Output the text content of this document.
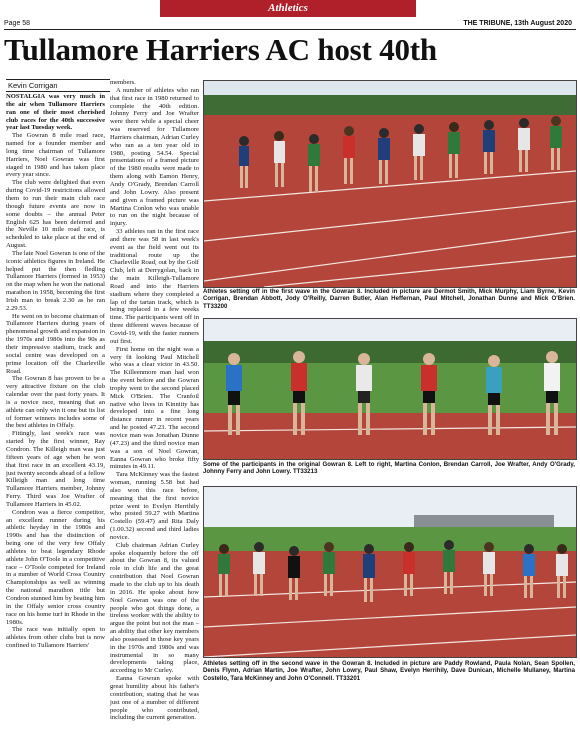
Athletics
Page 58	THE TRIBUNE, 13th August 2020
Tullamore Harriers AC host 40th
Kevin Corrigan

NOSTALGIA was very much in the air when Tullamore Harriers ran one of their most cherished club races for the 40th successive year last Tuesday week.

The Gowran 8 mile road race, named for a founder member and long time chairman of Tullamore Harriers, Noel Gowran was first staged in 1980 and has taken place every year since.

The club were delighted that even during Covid-19 restrictions allowed them to run their main club race though future events are now in some doubts – the annual Peter English 625 has been deferred and the Neville 10 mile road race, is scheduled to take place at the end of August.

The late Noel Gowran is one of the iconic athletics figures in Ireland. He helped put the then fledling Tullamore Harriers (formed in 1953) on the map when he won the national marathon in 1958, becoming the first Irish man to break 2.30 as he ran 2.29.53.

He went on to become chairman of Tullamore Harriers during years of phenomenal growth and expansion in the 1970s and 1980s into the 90s as their impressive stadium, track and social centre was developed on a prime location off the Charleville Road.

The Gowran 8 has proven to be a very attractive fixture on the club calendar over the past forty years. It is a novice race, meaning that an athlete can only win it one but its list of former winners includes some of the best athletes in Offaly.

Fittingly, last week's race was started by the first winner, Ray Condron. The Killeigh man was just fifteen years of age when he won that first race in an excellent 43.19, just twenty seconds ahead of a fellow Killeigh man and long time Tullamore Harriers member, Johnny Ferry. Third was Joe Wrafter of Tullamore Harriers in 45.02.

Condron was a fierce competitor, an excellent runner during his athletic heyday in the 1980s and 1990s and has the distinction of being one of the very few Offaly athletes to beat legendary Rhode athlete John O'Toole in a competitive race – O'Toole competed for Ireland in a number of World Cross Country Championships as well as winning the national marathon title but Condron stunned him by beating him in the Offaly senior cross country race on his home turf in Rhode in the 1980s.

The race was initially open to athletes from other clubs but is now confined to Tullamore Harriers'

members.

A number of athletes who ran that first race in 1980 returned to complete the 40th edition. Johnny Ferry and Joe Wrafter were there while a special cheer was reserved for Tullamore Harriers chairman, Adrian Curley who ran as a ten year old in 1980, posting 54.54. Special presentations of a framed picture of the 1980 results were made to them along with Eamon Henry, Andy O'Grady, Brendan Carroll and John Lowry. Also present and given a framed picture was Martina Conlon who was unable to run on the night because of injury.

33 athletes ran in the first race and there was 58 in last week's event as the field went out its traditional route up the Charleville Road, out by the Golf Club, left at Derrygolan, back in the main Killeigh-Tullamore Road and into the Harriers stadium where they completed a lap of the tartan track, which is being replaced in a few weeks time. The participants went off in three different waves because of Covid-19, with the faster runners out first.

First home on the night was a very fit looking Paul Mitchell who was a clear victor in 43.50. The Killeenmore man had won the event before and the Gowran trophy went to the second placed Mick O'Brien. The Cranfoil native who lives in Kinnitty has developed into a fine long distance runner in recent years and he posted 47.23. The second novice man was Jonathan Dunne (47.23) and the third novice man was a son of Noel Gowran, Eanna Gowran who broke fifty minutes in 49.11.

Tara McKinney was the fastest woman, running 5.58 but had also won this race before, meaning that the first novice prize went to Evelyn Herrihily who posted 59.27 with Martina Costello (59.47) and Rita Daly (1.00.32) second and third ladies novice.

Club chairman Adrian Curley spoke eloquently before the off about the Gowran 8, its valued role in club life and the great contribution that Noel Gowran made to the club up to his death in 2016. He spoke about how Noel Gowran was one of the people who got things done, a tireless worker with the ability to argue the point but not the man – an ability that other key members also possessed in those key years in the 1970s and 1980s and was instrumental in so many developments taking place, according to Mr Curley.

Eanna Gowran spoke with great humility about his father's contribution, stating that he was just one of a number of different people who contributed, including the current generation.

Athletes setting off in the first wave in the Gowran 8. Included in picture are Dermot Smith, Mick Murphy, Liam Byrne, Kevin Corrigan, Brendan Abbott, Jody O'Reilly, Darren Butler, Alan Heffernan, Paul Mitchell, Jonathan Dunne and Mick O'Brien. TT33200
Some of the participants in the original Gowran 8. Left to right, Martina Conlon, Brendan Carroll, Joe Wrafter, Andy O'Grady, Johnny Ferry and John Lowry. TT33213
Athletes setting off in the second wave in the Gowran 8. Included in picture are Paddy Rowland, Paula Nolan, Sean Spollen, Denis Flynn, Adrian Martin, Joe Wrafter, John Lowry, Paul Shaw, Evelyn Herrihily, Dave Dunican, Michelle Mullaney, Martina Costello, Tara McKinney and John O'Connell. TT33201
